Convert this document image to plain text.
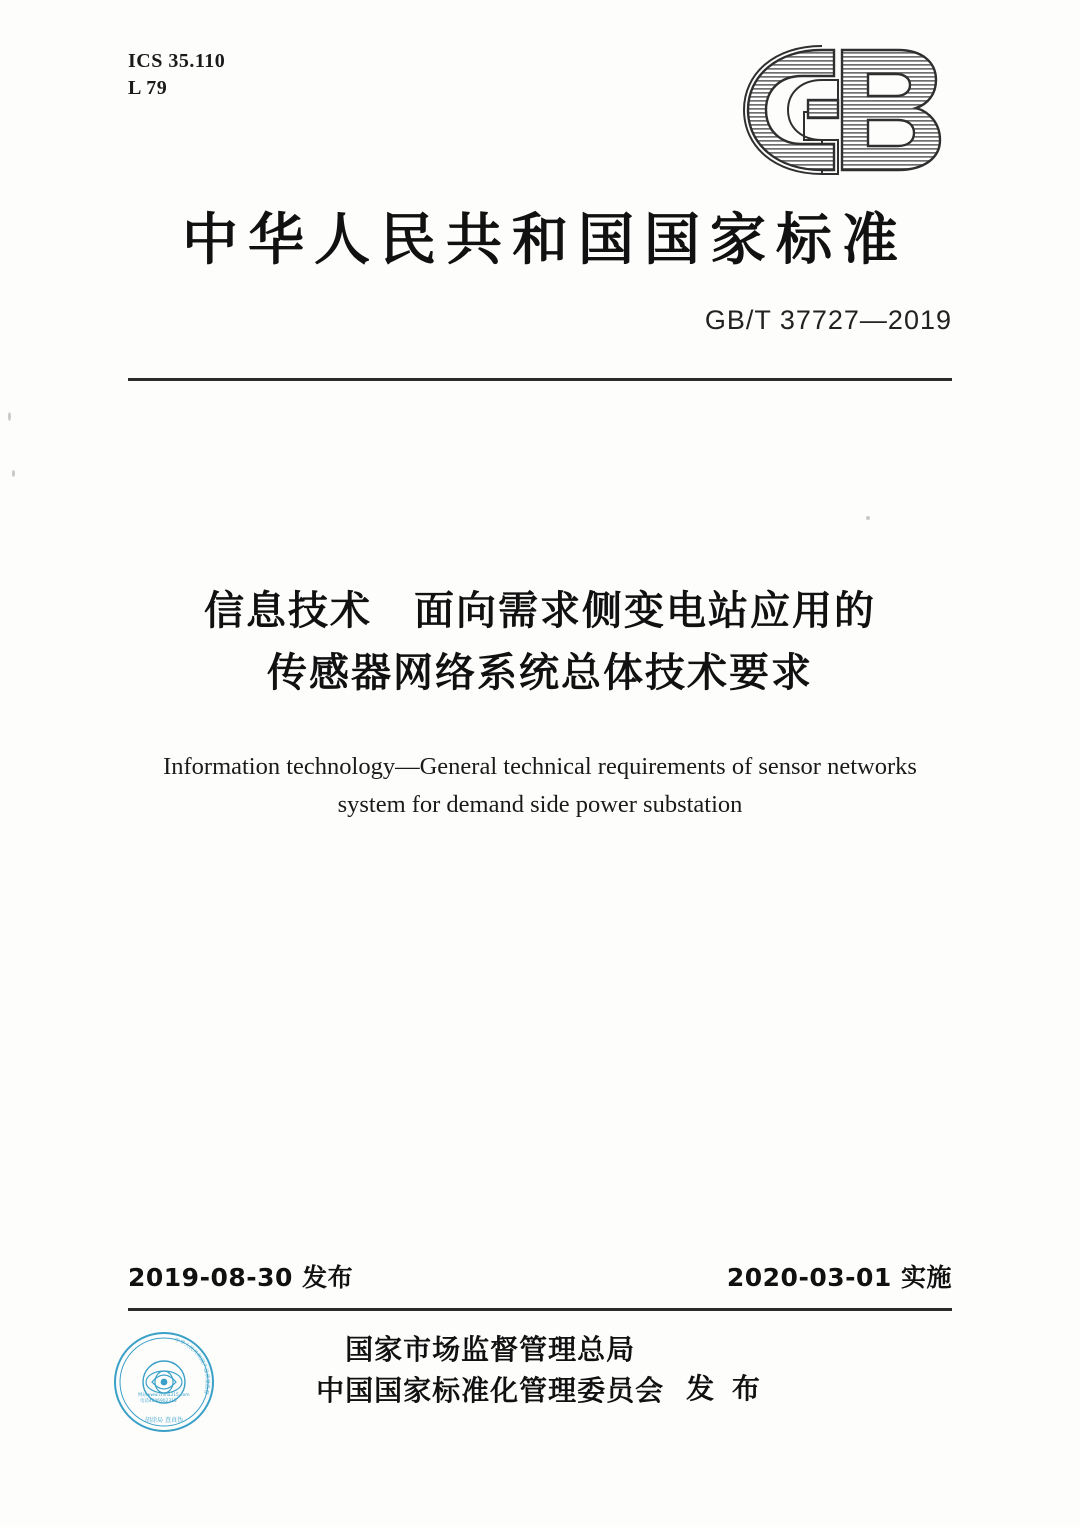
ICS 35.110
L 79
中华人民共和国国家标准
GB/T 37727—2019
信息技术　面向需求侧变电站应用的
传感器网络系统总体技术要求
Information technology—General technical requirements of sensor networks
system for demand side power substation
2019-08-30 发布	2020-03-01 实施
中华人民共和国产品质量监督
胡涂局 查真伪
网站www.china315.com
电话4006902315
国家市场监督管理总局
中国国家标准化管理委员会 发 布
